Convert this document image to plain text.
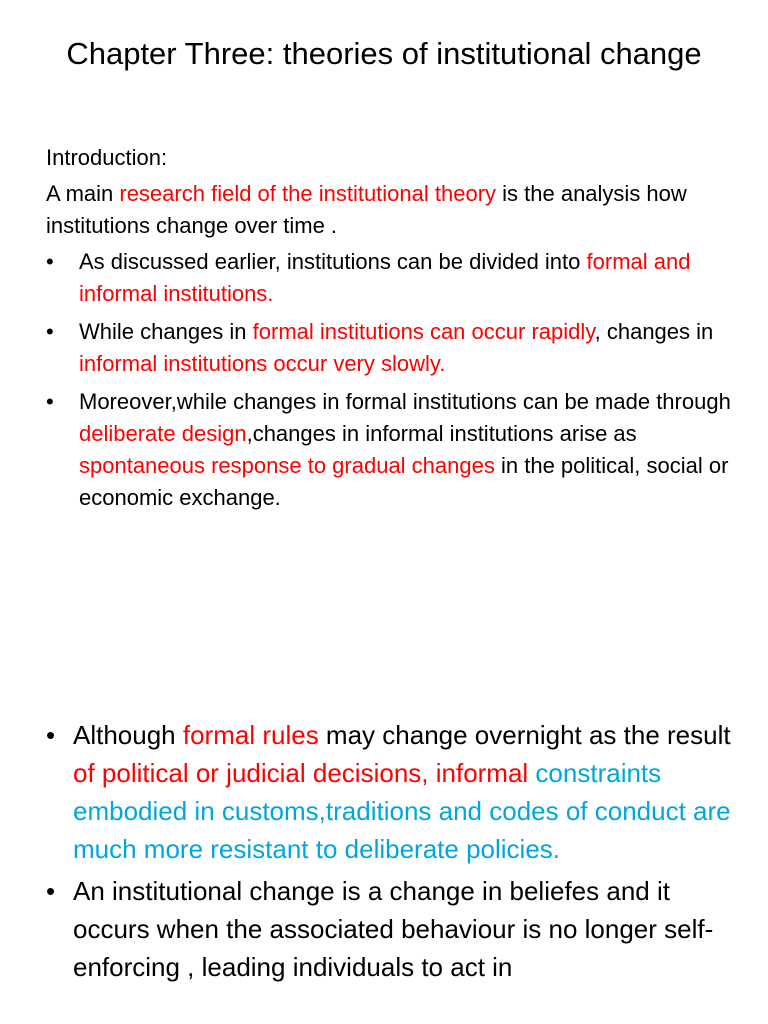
Chapter Three: theories of institutional change

Introduction:

A main research field of the institutional theory is the analysis how institutions change over time .

• As discussed earlier, institutions can be divided into formal and informal institutions.
• While changes in formal institutions can occur rapidly, changes in informal institutions occur very slowly.
• Moreover,while changes in formal institutions can be made through deliberate design,changes in informal institutions arise as spontaneous response to gradual changes in the political, social or economic exchange.
• Although formal rules may change overnight as the result of political or judicial decisions, informal constraints embodied in customs,traditions and codes of conduct are much more resistant to deliberate policies.
• An institutional change is a change in beliefes and it occurs when the associated behaviour is no longer self-enforcing , leading individuals to act in
